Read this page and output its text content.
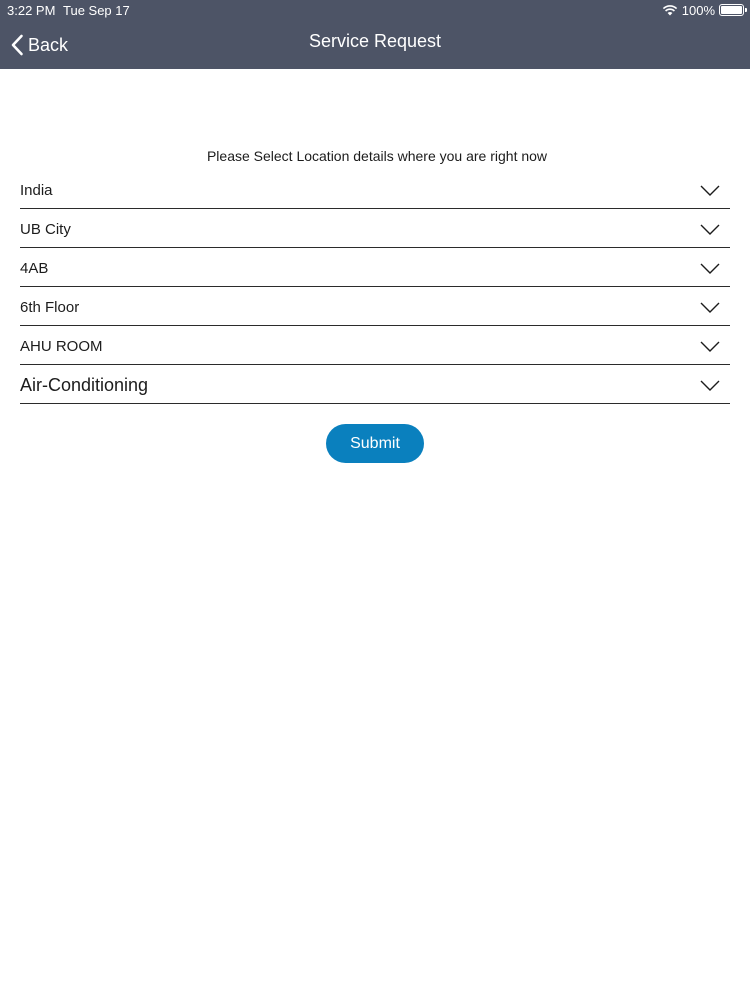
3:22 PM Tue Sep 17	100%
Back	Service Request
Please Select Location details where you are right now
India
UB City
4AB
6th Floor
AHU ROOM
Air-Conditioning
Submit
